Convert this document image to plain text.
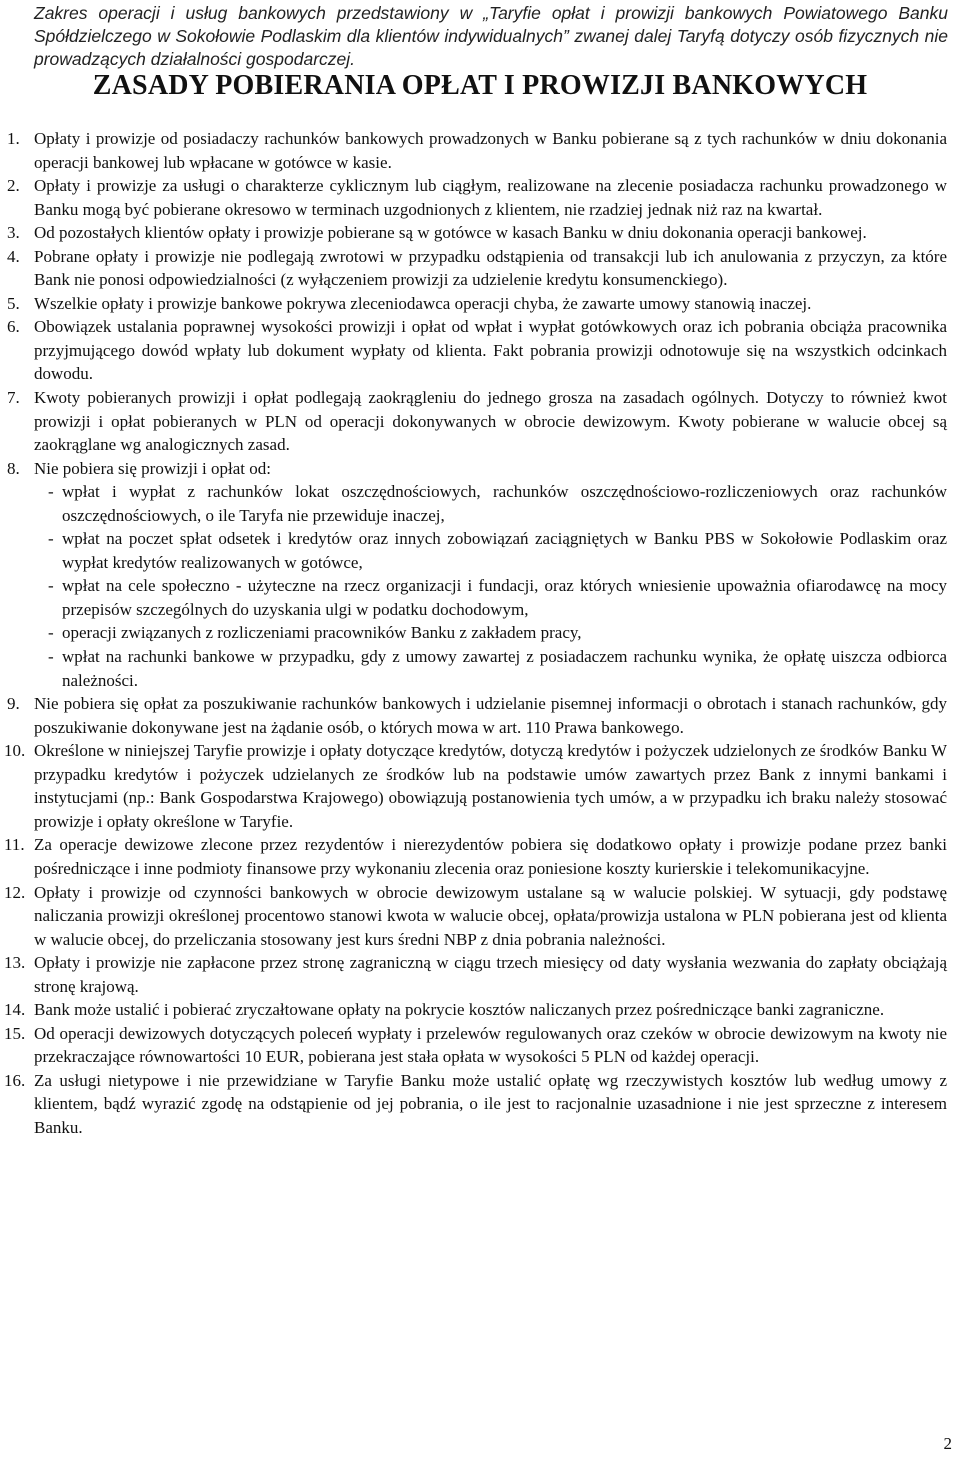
Zakres operacji i usług bankowych przedstawiony w „Taryfie opłat i prowizji bankowych Powiatowego Banku Spółdzielczego w Sokołowie Podlaskim dla klientów indywidualnych” zwanej dalej Taryfą dotyczy osób fizycznych nie prowadzących działalności gospodarczej.

ZASADY POBIERANIA OPŁAT I PROWIZJI BANKOWYCH
1. Opłaty i prowizje od posiadaczy rachunków bankowych prowadzonych w Banku pobierane są z tych rachunków w dniu dokonania operacji bankowej lub wpłacane w gotówce w kasie.
2. Opłaty i prowizje za usługi o charakterze cyklicznym lub ciągłym, realizowane na zlecenie posiadacza rachunku prowadzonego w Banku mogą być pobierane okresowo w terminach uzgodnionych z klientem, nie rzadziej jednak niż raz na kwartał.
3. Od pozostałych klientów opłaty i prowizje pobierane są w gotówce w kasach Banku w dniu dokonania operacji bankowej.
4. Pobrane opłaty i prowizje nie podlegają zwrotowi w przypadku odstąpienia od transakcji lub ich anulowania z przyczyn, za które Bank nie ponosi odpowiedzialności (z wyłączeniem prowizji za udzielenie kredytu konsumenckiego).
5. Wszelkie opłaty i prowizje bankowe pokrywa zleceniodawca operacji chyba, że zawarte umowy stanowią inaczej.
6. Obowiązek ustalania poprawnej wysokości prowizji i opłat od wpłat i wypłat gotówkowych oraz ich pobrania obciąża pracownika przyjmującego dowód wpłaty lub dokument wypłaty od klienta. Fakt pobrania prowizji odnotowuje się na wszystkich odcinkach dowodu.
7. Kwoty pobieranych prowizji i opłat podlegają zaokrągleniu do jednego grosza na zasadach ogólnych. Dotyczy to również kwot prowizji i opłat pobieranych w PLN od operacji dokonywanych w obrocie dewizowym. Kwoty pobierane w walucie obcej są zaokrąglane wg analogicznych zasad.
8. Nie pobiera się prowizji i opłat od:
- wpłat i wypłat z rachunków lokat oszczędnościowych, rachunków oszczędnościowo-rozliczeniowych oraz rachunków oszczędnościowych, o ile Taryfa nie przewiduje inaczej,
- wpłat na poczet spłat odsetek i kredytów oraz innych zobowiązań zaciągniętych w Banku PBS w Sokołowie Podlaskim oraz wypłat kredytów realizowanych w gotówce,
- wpłat na cele społeczno - użyteczne na rzecz organizacji i fundacji, oraz których wniesienie upoważnia ofiarodawcę na mocy przepisów szczególnych do uzyskania ulgi w podatku dochodowym,
- operacji związanych z rozliczeniami pracowników Banku z zakładem pracy,
- wpłat na rachunki bankowe w przypadku, gdy z umowy zawartej z posiadaczem rachunku wynika, że opłatę uiszcza odbiorca należności.
9. Nie pobiera się opłat za poszukiwanie rachunków bankowych i udzielanie pisemnej informacji o obrotach i stanach rachunków, gdy poszukiwanie dokonywane jest na żądanie osób, o których mowa w art. 110 Prawa bankowego.
10. Określone w niniejszej Taryfie prowizje i opłaty dotyczące kredytów, dotyczą kredytów i pożyczek udzielonych ze środków Banku W przypadku kredytów i pożyczek udzielanych ze środków lub na podstawie umów zawartych przez Bank z innymi bankami i instytucjami (np.: Bank Gospodarstwa Krajowego) obowiązują postanowienia tych umów, a w przypadku ich braku należy stosować prowizje i opłaty określone w Taryfie.
11. Za operacje dewizowe zlecone przez rezydentów i nierezydentów pobiera się dodatkowo opłaty i prowizje podane przez banki pośredniczące i inne podmioty finansowe przy wykonaniu zlecenia oraz poniesione koszty kurierskie i telekomunikacyjne.
12. Opłaty i prowizje od czynności bankowych w obrocie dewizowym ustalane są w walucie polskiej. W sytuacji, gdy podstawę naliczania prowizji określonej procentowo stanowi kwota w walucie obcej, opłata/prowizja ustalona w PLN pobierana jest od klienta w walucie obcej, do przeliczania stosowany jest kurs średni NBP z dnia pobrania należności.
13. Opłaty i prowizje nie zapłacone przez stronę zagraniczną w ciągu trzech miesięcy od daty wysłania wezwania do zapłaty obciążają stronę krajową.
14. Bank może ustalić i pobierać zryczałtowane opłaty na pokrycie kosztów naliczanych przez pośredniczące banki zagraniczne.
15. Od operacji dewizowych dotyczących poleceń wypłaty i przelewów regulowanych oraz czeków w obrocie dewizowym na kwoty nie przekraczające równowartości 10 EUR, pobierana jest stała opłata w wysokości 5 PLN od każdej operacji.
16. Za usługi nietypowe i nie przewidziane w Taryfie Banku może ustalić opłatę wg rzeczywistych kosztów lub według umowy z klientem, bądź wyrazić zgodę na odstąpienie od jej pobrania, o ile jest to racjonalnie uzasadnione i nie jest sprzeczne z interesem Banku.
2
